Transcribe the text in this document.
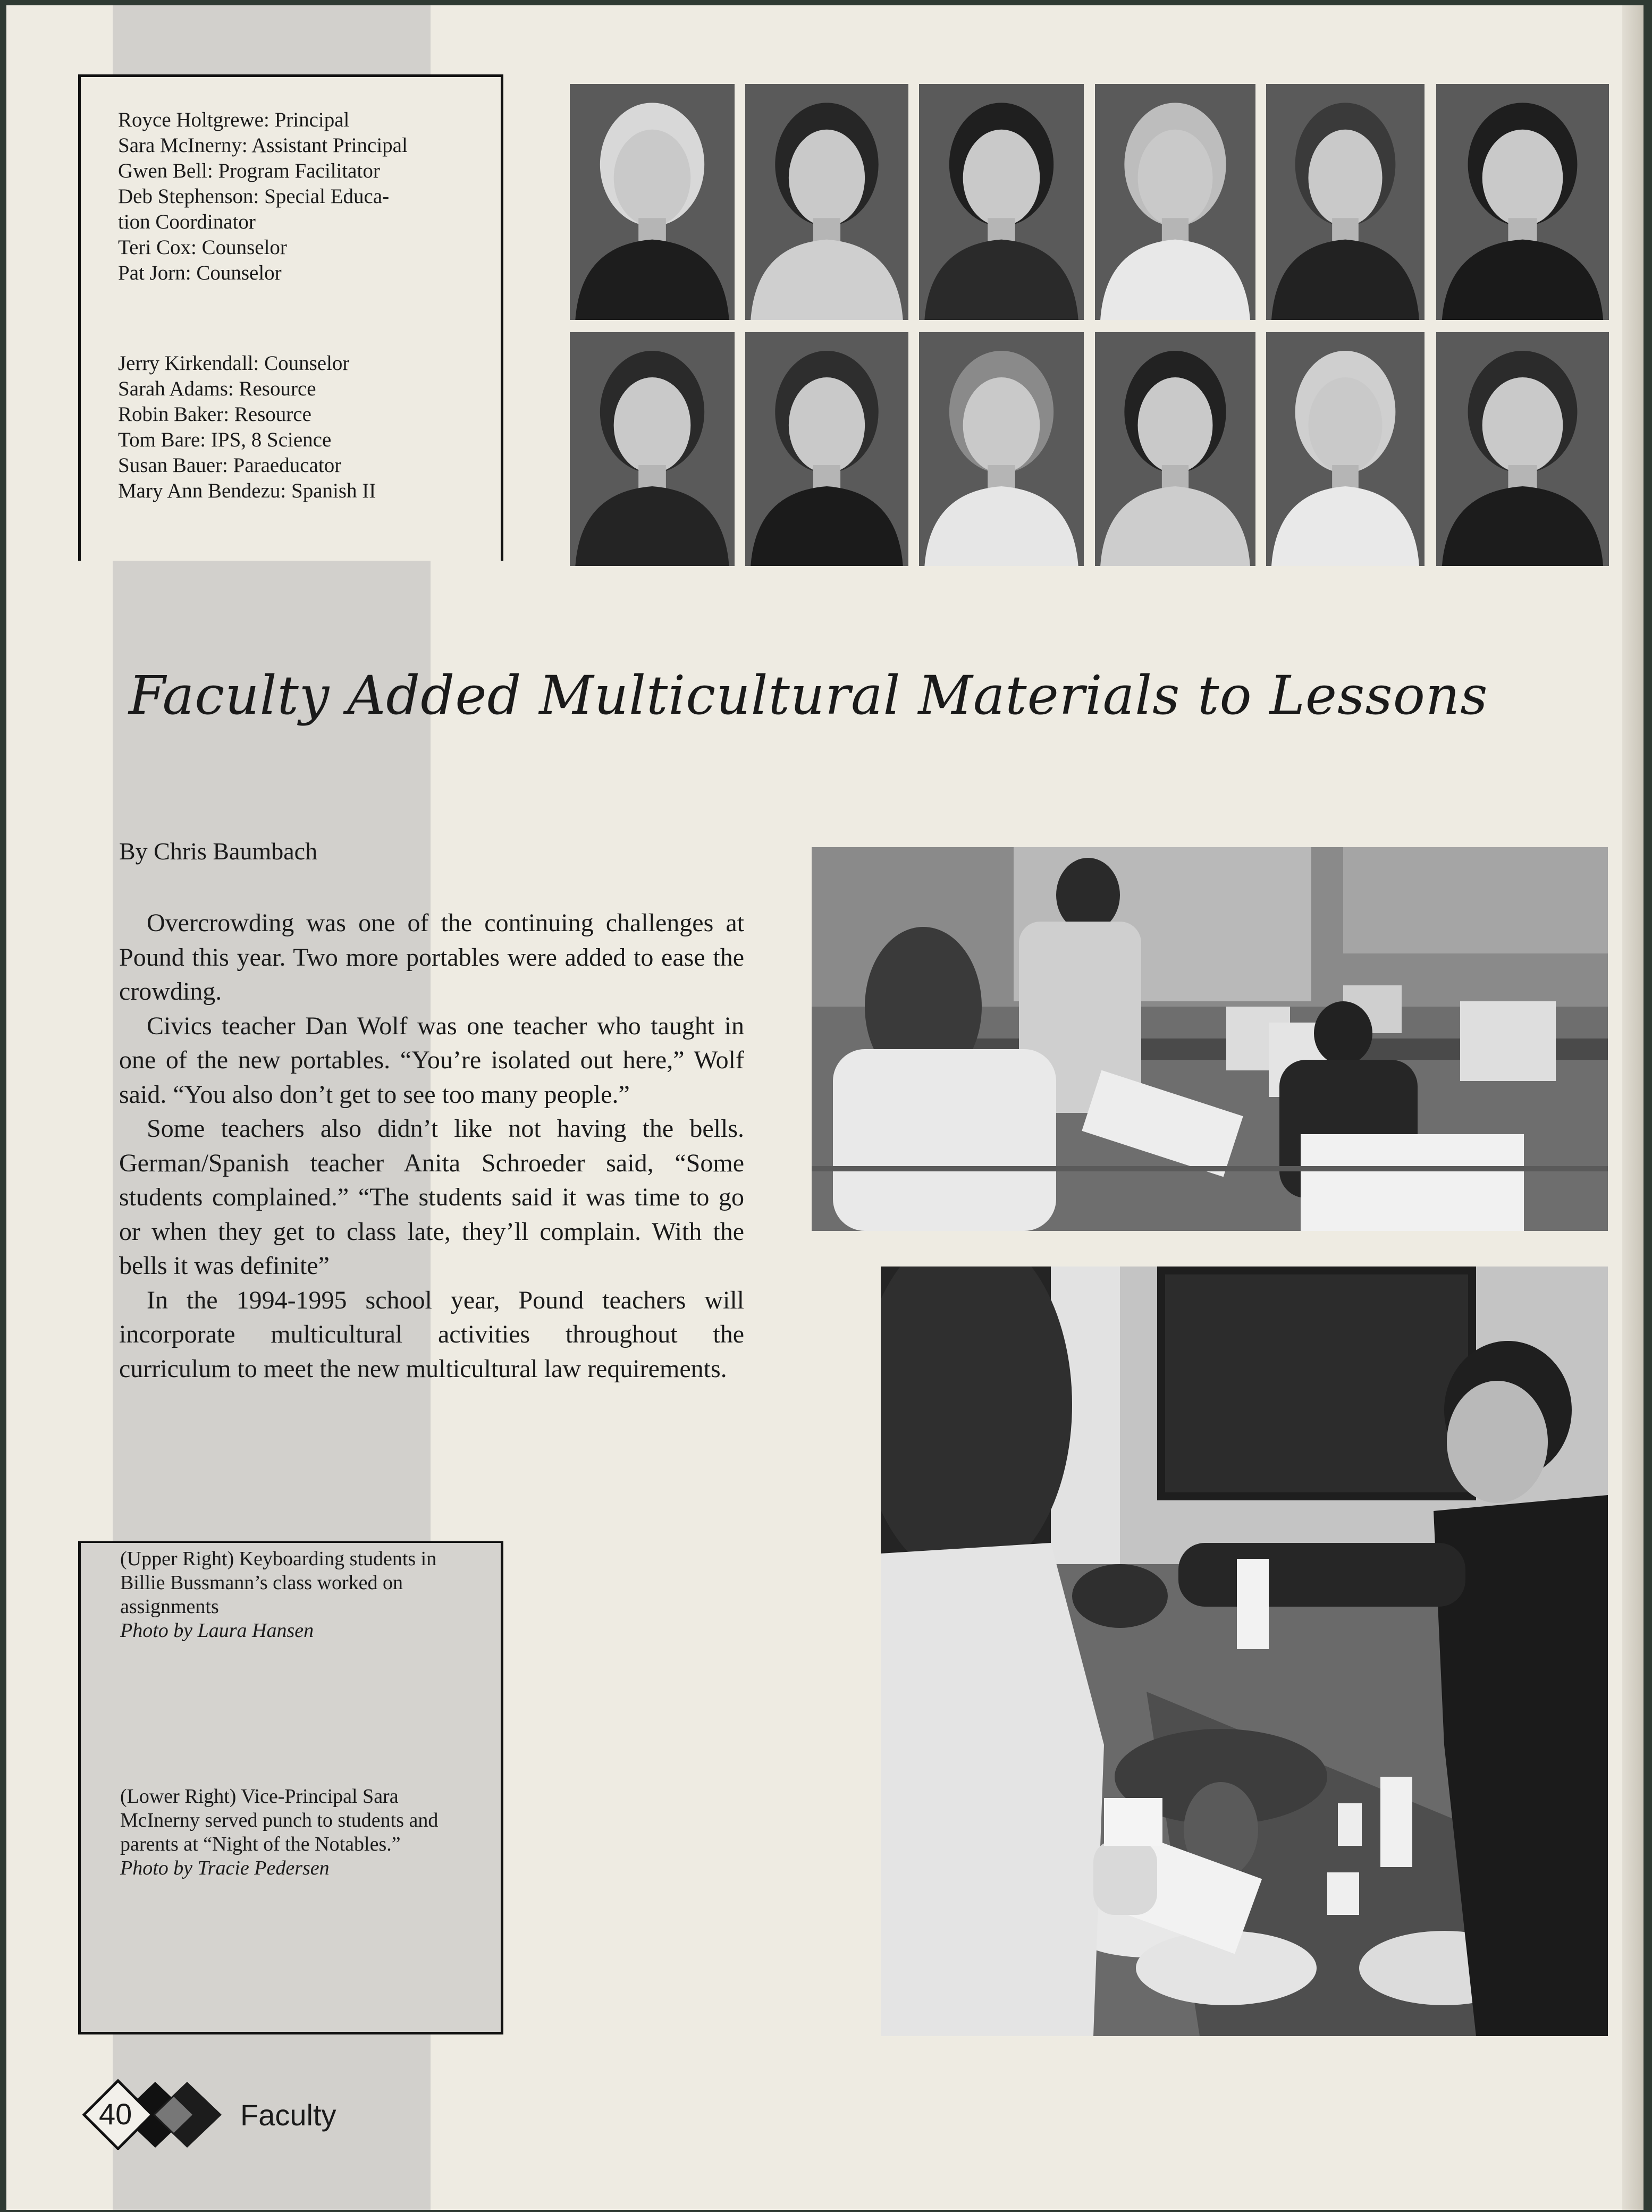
Royce Holtgrewe: Principal
Sara McInerny: Assistant Principal
Gwen Bell: Program Facilitator
Deb Stephenson: Special Educa-
tion Coordinator
Teri Cox: Counselor
Pat Jorn: Counselor
Jerry Kirkendall: Counselor
Sarah Adams: Resource
Robin Baker: Resource
Tom Bare: IPS, 8 Science
Susan Bauer: Paraeducator
Mary Ann Bendezu: Spanish II
Faculty Added Multicultural Materials to Lessons
By Chris Baumbach

Overcrowding was one of the continuing challenges at Pound this year. Two more portables were added to ease the crowding.

Civics teacher Dan Wolf was one teacher who taught in one of the new portables. “You’re isolated out here,” Wolf said. “You also don’t get to see too many people.”

Some teachers also didn’t like not having the bells. German/Spanish teacher Anita Schroeder said, “Some students complained.” “The students said it was time to go or when they get to class late, they’ll complain. With the bells it was definite”

In the 1994-1995 school year, Pound teachers will incorporate multicultural activities throughout the curriculum to meet the new multicultural law requirements.

(Upper Right) Keyboarding students in Billie Bussmann’s class worked on assignments
Photo by Laura Hansen
(Lower Right) Vice-Principal Sara McInerny served punch to students and parents at “Night of the Notables.”
Photo by Tracie Pedersen
40	Faculty
